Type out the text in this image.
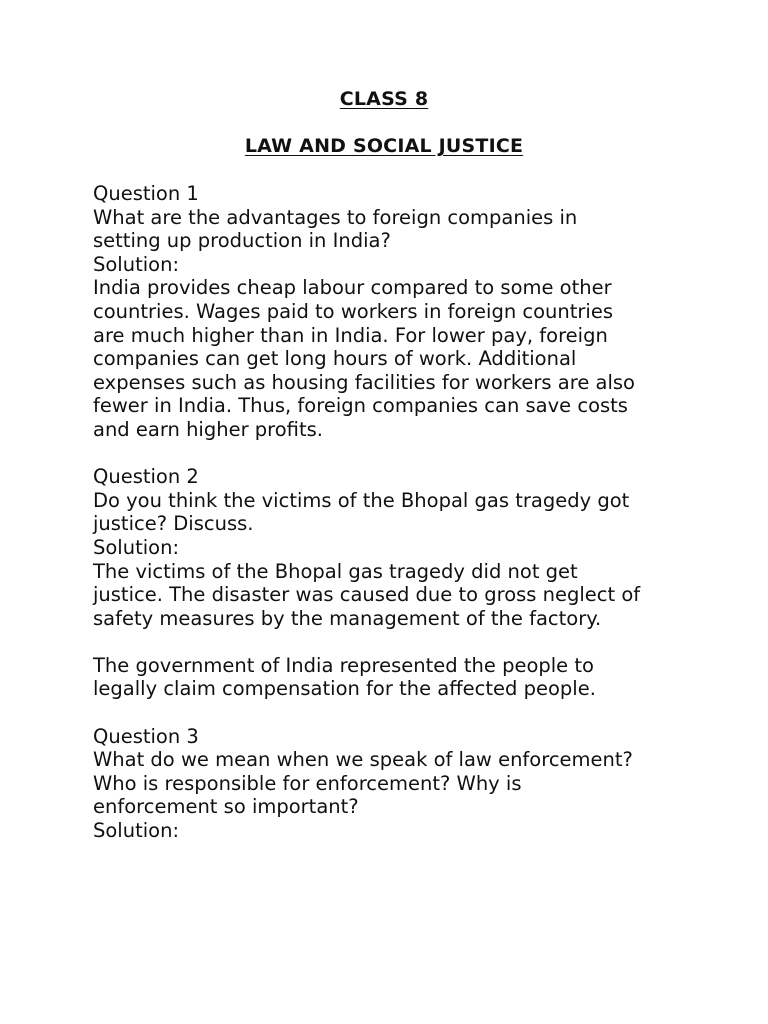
CLASS 8
LAW AND SOCIAL JUSTICE

Question 1

What are the advantages to foreign companies in

setting up production in India?

Solution:

India provides cheap labour compared to some other

countries. Wages paid to workers in foreign countries

are much higher than in India. For lower pay, foreign

companies can get long hours of work. Additional

expenses such as housing facilities for workers are also

fewer in India. Thus, foreign companies can save costs

and earn higher profits.

Question 2

Do you think the victims of the Bhopal gas tragedy got

justice? Discuss.

Solution:

The victims of the Bhopal gas tragedy did not get

justice. The disaster was caused due to gross neglect of

safety measures by the management of the factory.

The government of India represented the people to

legally claim compensation for the affected people.

Question 3

What do we mean when we speak of law enforcement?

Who is responsible for enforcement? Why is

enforcement so important?

Solution:
